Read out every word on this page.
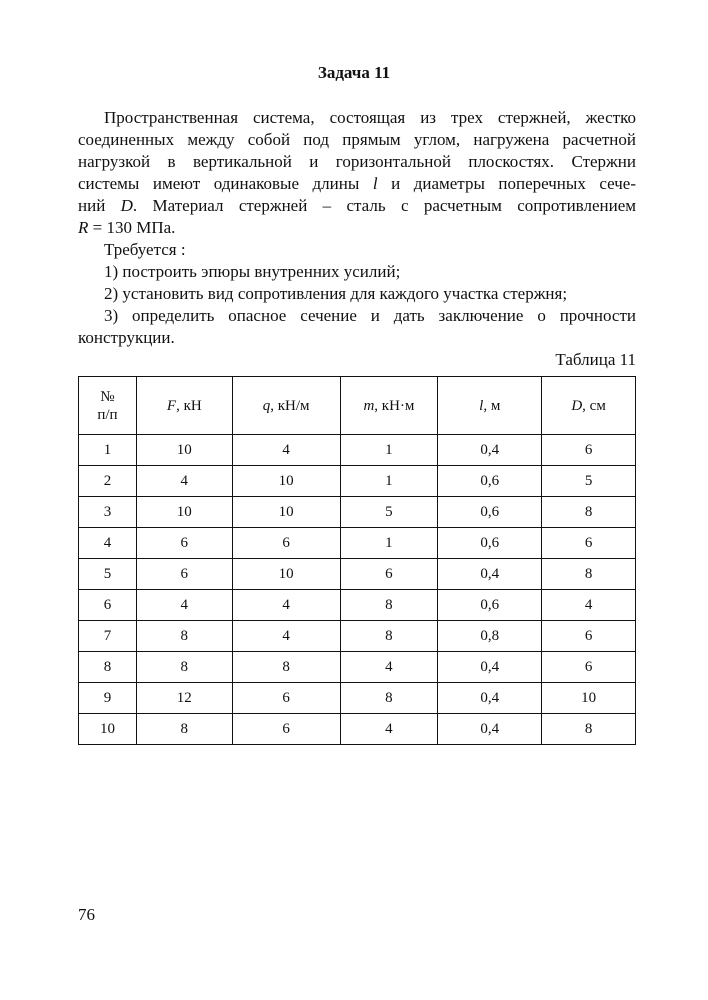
Задача 11
Пространственная система, состоящая из трех стержней, жестко
соединенных между собой под прямым углом, нагружена расчетной
нагрузкой в вертикальной и горизонтальной плоскостях. Стержни
системы имеют одинаковые длины l и диаметры поперечных сече-
ний D. Материал стержней – сталь с расчетным сопротивлением
R = 130 МПа.
Требуется :
1) построить эпюры внутренних усилий;
2) установить вид сопротивления для каждого участка стержня;
3) определить опасное сечение и дать заключение о прочности
конструкции.
Таблица 11
№
п/п	F, кН	q, кН/м	m, кН·м	l, м	D, см
1	10	4	1	0,4	6
2	4	10	1	0,6	5
3	10	10	5	0,6	8
4	6	6	1	0,6	6
5	6	10	6	0,4	8
6	4	4	8	0,6	4
7	8	4	8	0,8	6
8	8	8	4	0,4	6
9	12	6	8	0,4	10
10	8	6	4	0,4	8
76
